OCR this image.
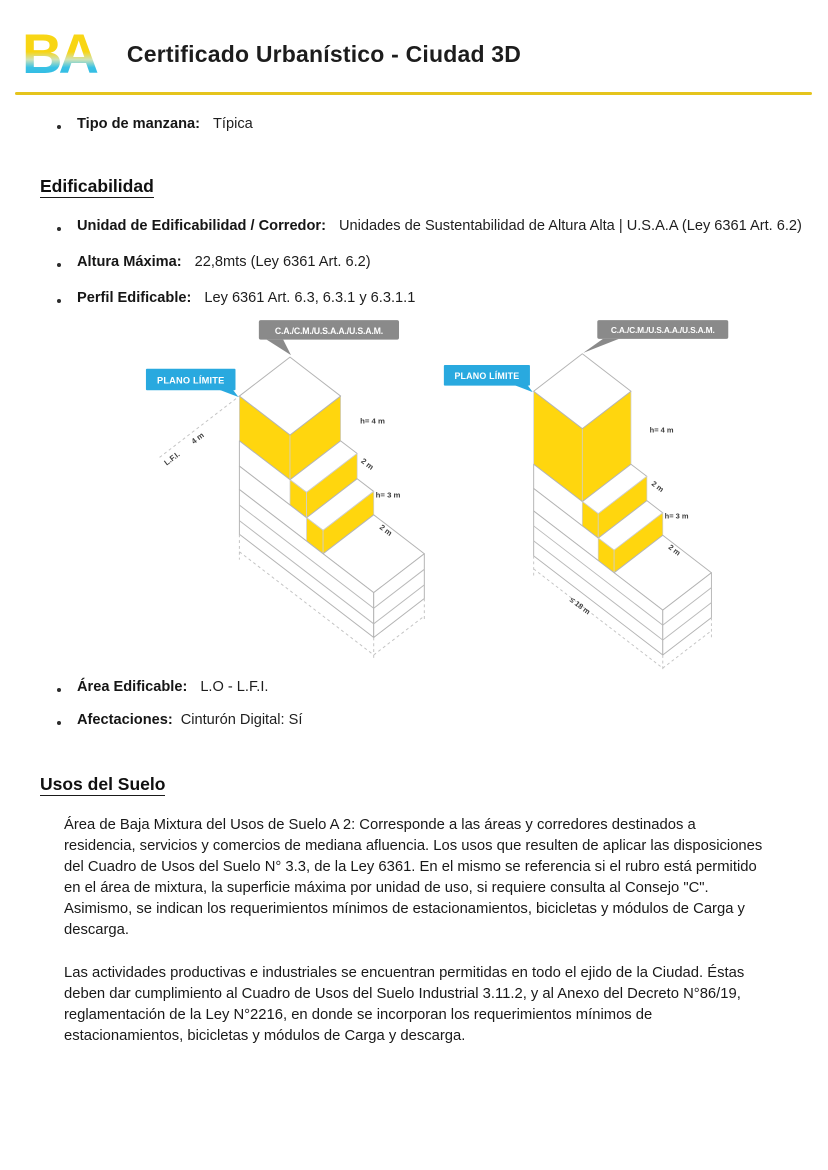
BA Certificado Urbanístico - Ciudad 3D
Tipo de manzana: Típica
Edificabilidad
Unidad de Edificabilidad / Corredor: Unidades de Sustentabilidad de Altura Alta | U.S.A.A (Ley 6361 Art. 6.2)
Altura Máxima: 22,8mts (Ley 6361 Art. 6.2)
Perfil Edificable: Ley 6361 Art. 6.3, 6.3.1 y 6.3.1.1
L.F.I.
4 m
h= 4 m
2 m
h= 3 m
2 m
C.A./C.M./U.S.A.A./U.S.A.M.
PLANO LÍMITE
≤ 18 m
h= 4 m
2 m
h= 3 m
2 m
C.A./C.M./U.S.A.A./U.S.A.M.
PLANO LÍMITE
Área Edificable: L.O - L.F.I.
Afectaciones: Cinturón Digital: Sí
Usos del Suelo
Área de Baja Mixtura del Usos de Suelo A 2: Corresponde a las áreas y corredores destinados a residencia, servicios y comercios de mediana afluencia. Los usos que resulten de aplicar las disposiciones del Cuadro de Usos del Suelo N° 3.3, de la Ley 6361. En el mismo se referencia si el rubro está permitido en el área de mixtura, la superficie máxima por unidad de uso, si requiere consulta al Consejo "C". Asimismo, se indican los requerimientos mínimos de estacionamientos, bicicletas y módulos de Carga y descarga.
Las actividades productivas e industriales se encuentran permitidas en todo el ejido de la Ciudad. Éstas deben dar cumplimiento al Cuadro de Usos del Suelo Industrial 3.11.2, y al Anexo del Decreto N°86/19, reglamentación de la Ley N°2216, en donde se incorporan los requerimientos mínimos de estacionamientos, bicicletas y módulos de Carga y descarga.
